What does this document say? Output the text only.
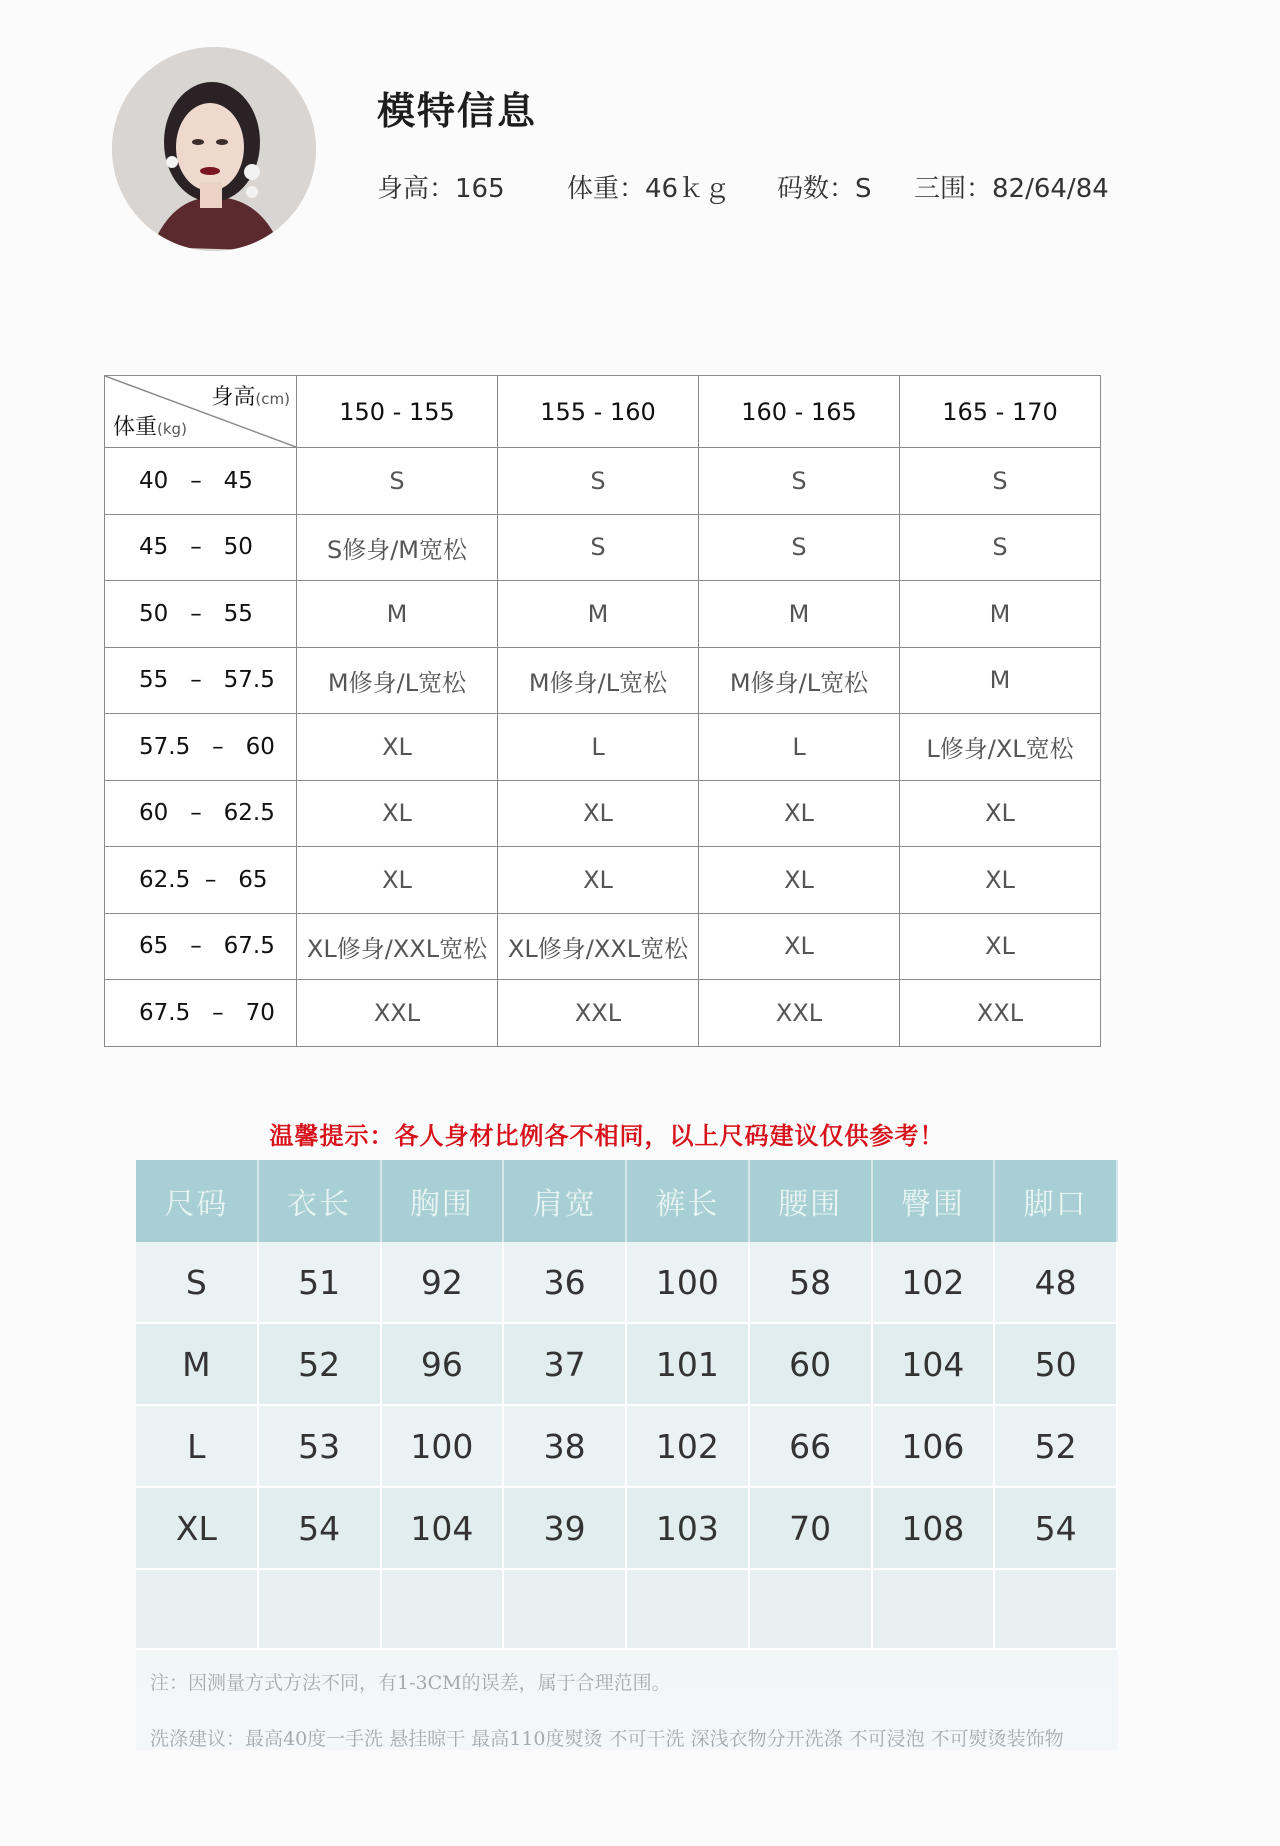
模特信息
身高：165 体重：46ｋｇ 码数：S 三围：82/64/84
身高(cm)
体重(kg)	150 - 155	155 - 160	160 - 165	165 - 170
40   –   45	S	S	S	S
45   –   50	S修身/M宽松	S	S	S
50   –   55	M	M	M	M
55   –   57.5	M修身/L宽松	M修身/L宽松	M修身/L宽松	M
57.5   –   60	XL	L	L	L修身/XL宽松
60   –   62.5	XL	XL	XL	XL
62.5  –   65	XL	XL	XL	XL
65   –   67.5	XL修身/XXL宽松	XL修身/XXL宽松	XL	XL
67.5   –   70	XXL	XXL	XXL	XXL
温馨提示：各人身材比例各不相同，以上尺码建议仅供参考！
尺码	衣长	胸围	肩宽	裤长	腰围	臀围	脚口
S	51	92	36	100	58	102	48
M	52	96	37	101	60	104	50
L	53	100	38	102	66	106	52
XL	54	104	39	103	70	108	54

注：因测量方式方法不同，有1-3CM的误差，属于合理范围。
洗涤建议：最高40度一手洗 悬挂晾干 最高110度熨烫 不可干洗 深浅衣物分开洗涤 不可浸泡 不可熨烫装饰物
